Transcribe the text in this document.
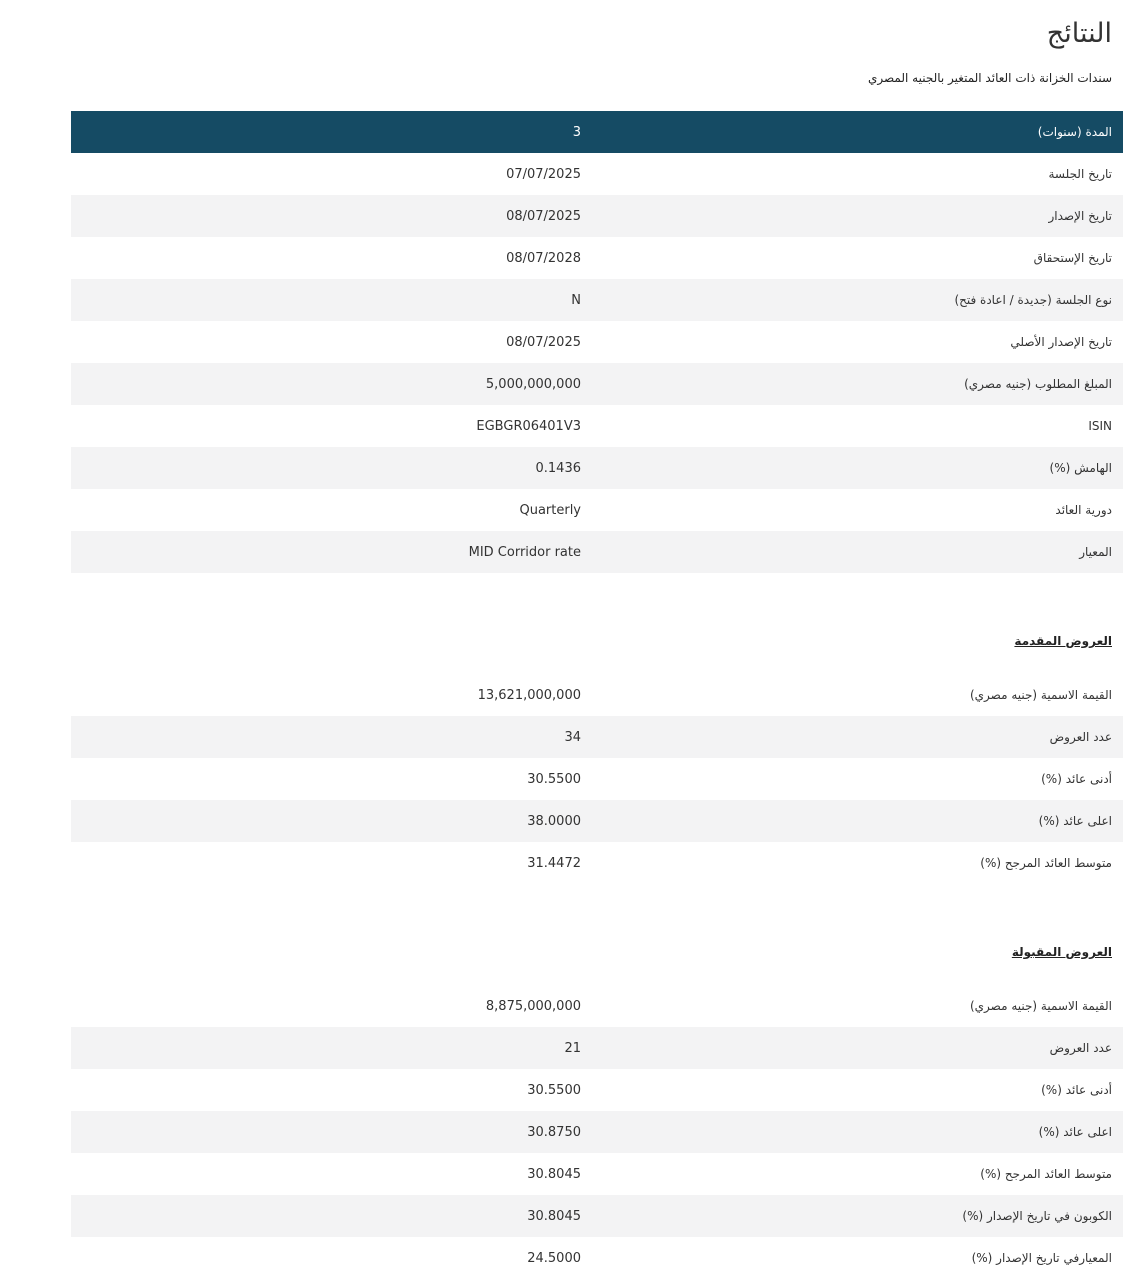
النتائج
سندات الخزانة ذات العائد المتغير بالجنيه المصري
المدة (سنوات)	3

تاريخ الجلسة	07/07/2025

تاريخ الإصدار	08/07/2025

تاريخ الإستحقاق	08/07/2028

نوع الجلسة (جديدة / اعادة فتح)	N

تاريخ الإصدار الأصلي	08/07/2025

المبلغ المطلوب (جنيه مصري)	5,000,000,000

ISIN	EGBGR06401V3

الهامش (%)	0.1436

دورية العائد	Quarterly

المعيار	MID Corridor rate
العروض المقدمة
القيمة الاسمية (جنيه مصري)	13,621,000,000

عدد العروض	34

أدنى عائد (%)	30.5500

اعلى عائد (%)	38.0000

متوسط العائد المرجح (%)	31.4472
العروض المقبولة
القيمة الاسمية (جنيه مصري)	8,875,000,000

عدد العروض	21

أدنى عائد (%)	30.5500

اعلى عائد (%)	30.8750

متوسط العائد المرجح (%)	30.8045

الكوبون في تاريخ الإصدار (%)	30.8045

المعيارفي تاريخ الإصدار (%)	24.5000
